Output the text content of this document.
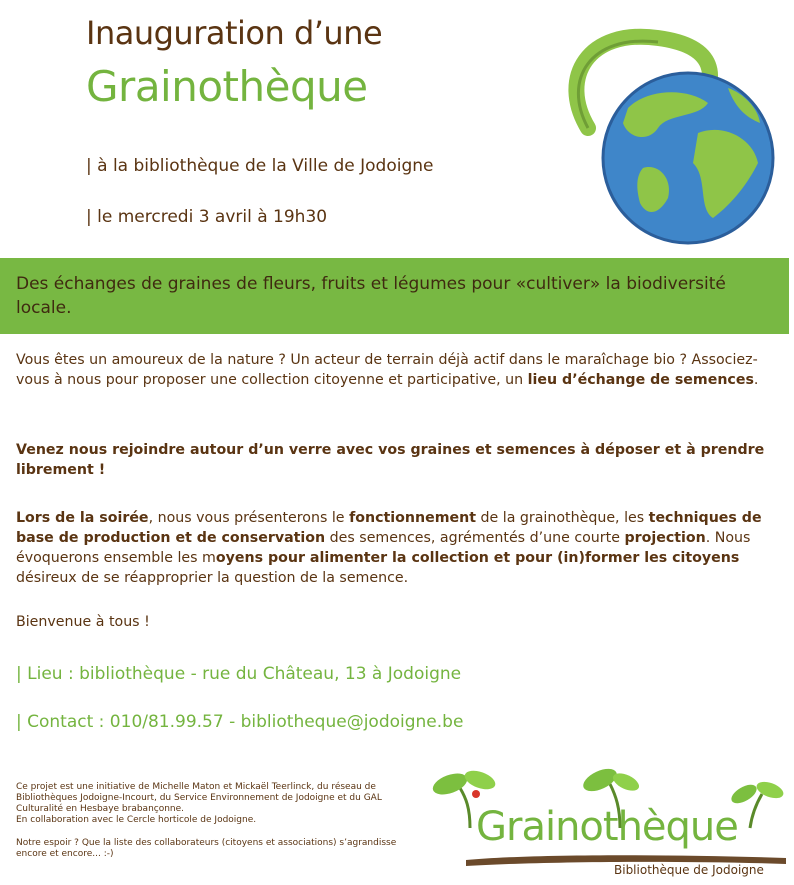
Inauguration d’une
Grainothèque
| à la bibliothèque de la Ville de Jodoigne
| le mercredi 3 avril à 19h30
Des échanges de graines de fleurs, fruits et légumes pour «cultiver» la biodiversité locale.
Vous êtes un amoureux de la nature ? Un acteur de terrain déjà actif dans le maraîchage bio ? Associez-vous à nous pour proposer une collection citoyenne et participative, un lieu d’échange de semences.
Venez nous rejoindre autour d’un verre avec vos graines et semences à déposer et à prendre librement !
Lors de la soirée, nous vous présenterons le fonctionnement de la grainothèque, les techniques de base de production et de conservation des semences, agrémentés d’une courte projection. Nous évoquerons ensemble les moyens pour alimenter la collection et pour (in)former les citoyens désireux de se réapproprier la question de la semence.
Bienvenue à tous !
| Lieu : bibliothèque - rue du Château, 13 à Jodoigne
| Contact : 010/81.99.57 - bibliotheque@jodoigne.be

Ce projet est une initiative de Michelle Maton et Mickaël Teerlinck, du réseau de Bibliothèques Jodoigne-Incourt, du Service Environnement de Jodoigne et du GAL Culturalité en Hesbaye brabançonne.

En collaboration avec le Cercle horticole de Jodoigne.

Notre espoir ? Que la liste des collaborateurs (citoyens et associations) s’agrandisse encore et encore... :-)

Grainothèque
Bibliothèque de Jodoigne
